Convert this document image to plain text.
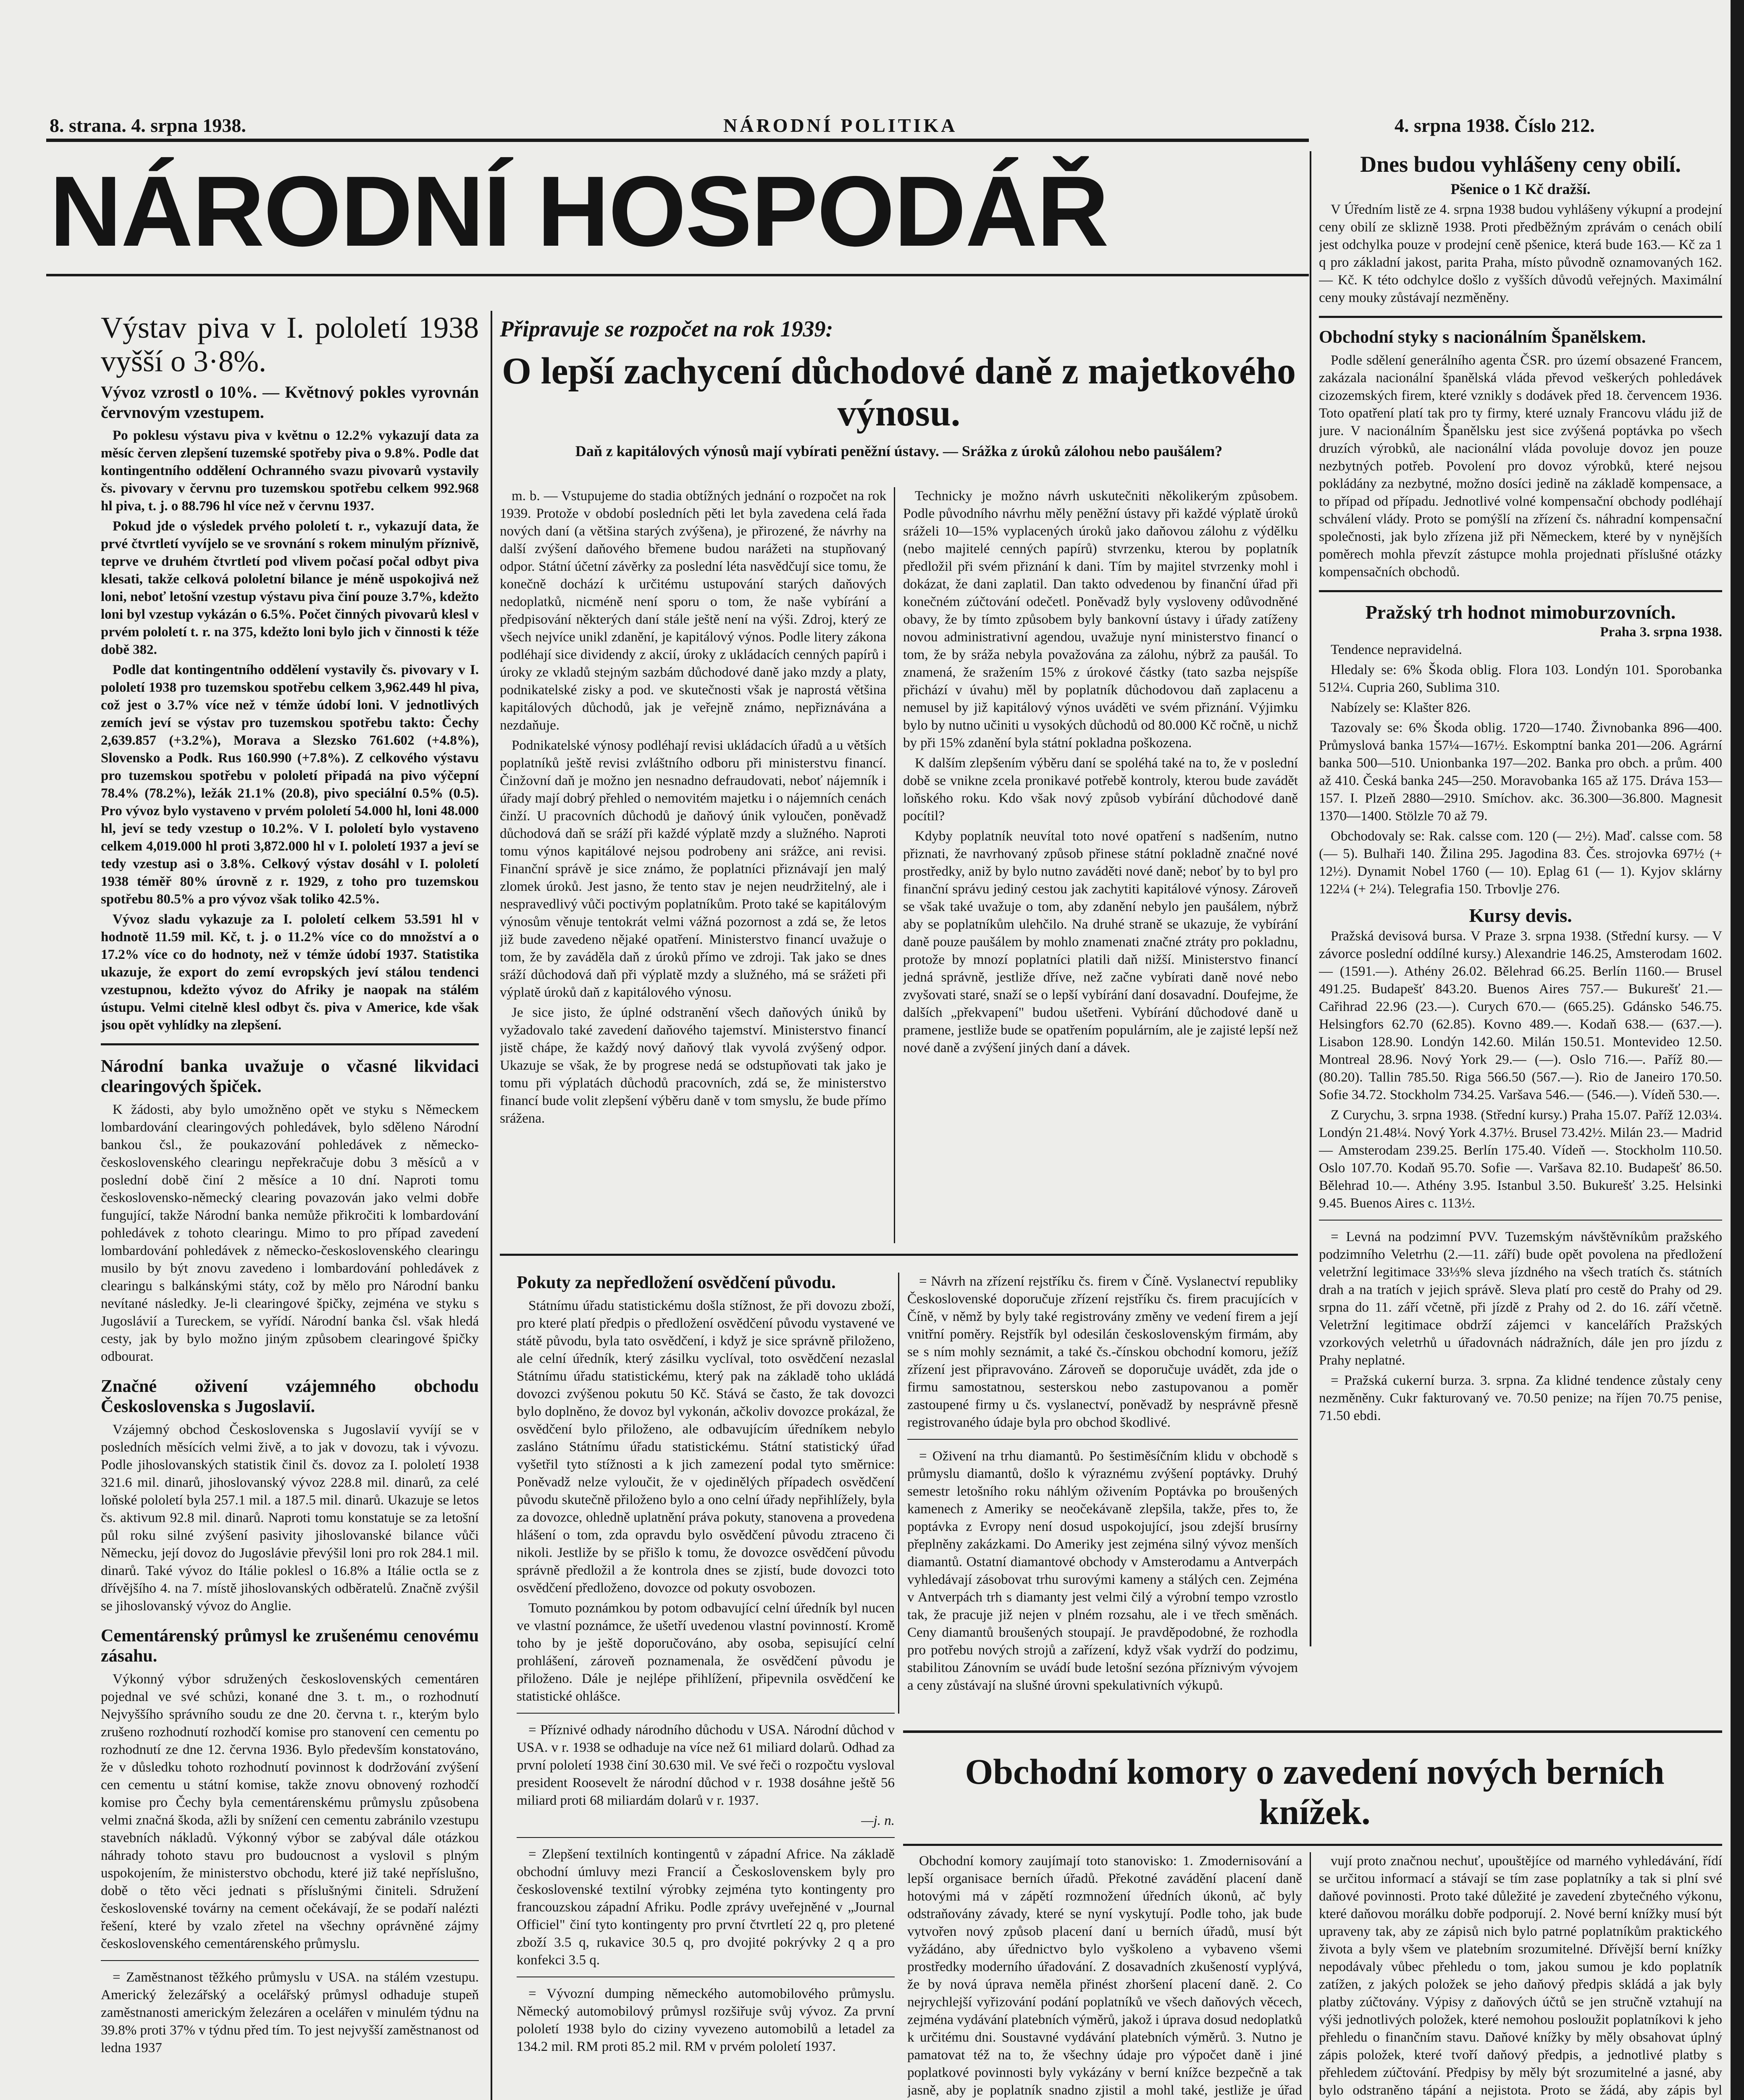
8. strana. 4. srpna 1938.	NÁRODNÍ POLITIKA	4. srpna 1938. Číslo 212.
NÁRODNÍ HOSPODÁŘ
Výstav piva v I. pololetí 1938 vyšší o 3·8%.
Vývoz vzrostl o 10%. — Květnový pokles vyrovnán červnovým vzestupem.

Po poklesu výstavu piva v květnu o 12.2% vykazují data za měsíc červen zlepšení tuzemské spotřeby piva o 9.8%. Podle dat kontingentního oddělení Ochranného svazu pivovarů vystavily čs. pivovary v červnu pro tuzemskou spotřebu celkem 992.968 hl piva, t. j. o 88.796 hl více než v červnu 1937.

Pokud jde o výsledek prvého pololetí t. r., vykazují data, že prvé čtvrtletí vyvíjelo se ve srovnání s rokem minulým příznivě, teprve ve druhém čtvrtletí pod vlivem počasí počal odbyt piva klesati, takže celková pololetní bilance je méně uspokojivá než loni, neboť letošní vzestup výstavu piva činí pouze 3.7%, kdežto loni byl vzestup vykázán o 6.5%. Počet činných pivovarů klesl v prvém pololetí t. r. na 375, kdežto loni bylo jich v činnosti k téže době 382.

Podle dat kontingentního oddělení vystavily čs. pivovary v I. pololetí 1938 pro tuzemskou spotřebu celkem 3,962.449 hl piva, což jest o 3.7% více než v témže údobí loni. V jednotlivých zemích jeví se výstav pro tuzemskou spotřebu takto: Čechy 2,639.857 (+3.2%), Morava a Slezsko 761.602 (+4.8%), Slovensko a Podk. Rus 160.990 (+7.8%). Z celkového výstavu pro tuzemskou spotřebu v pololetí připadá na pivo výčepní 78.4% (78.2%), ležák 21.1% (20.8), pivo speciální 0.5% (0.5). Pro vývoz bylo vystaveno v prvém pololetí 54.000 hl, loni 48.000 hl, jeví se tedy vzestup o 10.2%. V I. pololetí bylo vystaveno celkem 4,019.000 hl proti 3,872.000 hl v I. pololetí 1937 a jeví se tedy vzestup asi o 3.8%. Celkový výstav dosáhl v I. pololetí 1938 téměř 80% úrovně z r. 1929, z toho pro tuzemskou spotřebu 80.5% a pro vývoz však toliko 42.5%.

Vývoz sladu vykazuje za I. pololetí celkem 53.591 hl v hodnotě 11.59 mil. Kč, t. j. o 11.2% více co do množství a o 17.2% více co do hodnoty, než v témže údobí 1937. Statistika ukazuje, že export do zemí evropských jeví stálou tendenci vzestupnou, kdežto vývoz do Afriky je naopak na stálém ústupu. Velmi citelně klesl odbyt čs. piva v Americe, kde však jsou opět vyhlídky na zlepšení.

Národní banka uvažuje o včasné likvidaci clearingových špiček.

K žádosti, aby bylo umožněno opět ve styku s Německem lombardování clearingových pohledávek, bylo sděleno Národní bankou čsl., že poukazování pohledávek z německo-československého clearingu nepřekračuje dobu 3 měsíců a v poslední době činí 2 měsíce a 10 dní. Naproti tomu československo-německý clearing povazován jako velmi dobře fungující, takže Národní banka nemůže přikročiti k lombardování pohledávek z tohoto clearingu. Mimo to pro případ zavedení lombardování pohledávek z německo-československého clearingu musilo by být znovu zavedeno i lombardování pohledávek z clearingu s balkánskými státy, což by mělo pro Národní banku nevítané následky. Je-li clearingové špičky, zejména ve styku s Jugoslávií a Tureckem, se vyřídí. Národní banka čsl. však hledá cesty, jak by bylo možno jiným způsobem clearingové špičky odbourat.

Značné oživení vzájemného obchodu Československa s Jugoslavií.

Vzájemný obchod Československa s Jugoslavií vyvíjí se v posledních měsících velmi živě, a to jak v dovozu, tak i vývozu. Podle jihoslovanských statistik činil čs. dovoz za I. pololetí 1938 321.6 mil. dinarů, jihoslovanský vývoz 228.8 mil. dinarů, za celé loňské pololetí byla 257.1 mil. a 187.5 mil. dinarů. Ukazuje se letos čs. aktivum 92.8 mil. dinarů. Naproti tomu konstatuje se za letošní půl roku silné zvýšení pasivity jihoslovanské bilance vůči Německu, její dovoz do Jugoslávie převýšil loni pro rok 284.1 mil. dinarů. Také vývoz do Itálie poklesl o 16.8% a Itálie octla se z dřívějšího 4. na 7. místě jihoslovanských odběratelů. Značně zvýšil se jihoslovanský vývoz do Anglie.

Cementárenský průmysl ke zrušenému cenovému zásahu.

Výkonný výbor sdružených československých cementáren pojednal ve své schůzi, konané dne 3. t. m., o rozhodnutí Nejvyššího správního soudu ze dne 20. června t. r., kterým bylo zrušeno rozhodnutí rozhodčí komise pro stanovení cen cementu po rozhodnutí ze dne 12. června 1936. Bylo především konstatováno, že v důsledku tohoto rozhodnutí povinnost k dodržování zvýšení cen cementu u státní komise, takže znovu obnovený rozhodčí komise pro Čechy byla cementárenskému průmyslu způsobena velmi značná škoda, ažli by snížení cen cementu zabránilo vzestupu stavebních nákladů. Výkonný výbor se zabýval dále otázkou náhrady tohoto stavu pro budoucnost a vyslovil s plným uspokojením, že ministerstvo obchodu, které již také nepříslušno, době o těto věci jednati s příslušnými činiteli. Sdružení československé továrny na cement očekávají, že se podaří nalézti řešení, které by vzalo zřetel na všechny oprávněné zájmy československého cementárenského průmyslu.

= Zaměstnanost těžkého průmyslu v USA. na stálém vzestupu. Americký železářský a ocelářský průmysl odhaduje stupeň zaměstnanosti americkým železáren a ocelářen v minulém týdnu na 39.8% proti 37% v týdnu před tím. To jest nejvyšší zaměstnanost od ledna 1937

Připravuje se rozpočet na rok 1939:
O lepší zachycení důchodové daně z majetkového výnosu.
Daň z kapitálových výnosů mají vybírati peněžní ústavy. — Srážka z úroků zálohou nebo paušálem?

m. b. — Vstupujeme do stadia obtížných jednání o rozpočet na rok 1939. Protože v období posledních pěti let byla zavedena celá řada nových daní (a většina starých zvýšena), je přirozené, že návrhy na další zvýšení daňového břemene budou narážeti na stupňovaný odpor. Státní účetní závěrky za poslední léta nasvědčují sice tomu, že konečně dochází k určitému ustupování starých daňových nedoplatků, nicméně není sporu o tom, že naše vybírání a předpisování některých daní stále ještě není na výši. Zdroj, který ze všech nejvíce unikl zdanění, je kapitálový výnos. Podle litery zákona podléhají sice dividendy z akcií, úroky z ukládacích cenných papírů i úroky ze vkladů stejným sazbám důchodové daně jako mzdy a platy, podnikatelské zisky a pod. ve skutečnosti však je naprostá většina kapitálových důchodů, jak je veřejně známo, nepřiznávána a nezdaňuje.

Podnikatelské výnosy podléhají revisi ukládacích úřadů a u větších poplatníků ještě revisi zvláštního odboru při ministerstvu financí. Činžovní daň je možno jen nesnadno defraudovati, neboť nájemník i úřady mají dobrý přehled o nemovitém majetku i o nájemních cenách činží. U pracovních důchodů je daňový únik vyloučen, poněvadž důchodová daň se sráží při každé výplatě mzdy a služného. Naproti tomu výnos kapitálové nejsou podrobeny ani srážce, ani revisi. Finanční správě je sice známo, že poplatníci přiznávají jen malý zlomek úroků. Jest jasno, že tento stav je nejen neudržitelný, ale i nespravedlivý vůči poctivým poplatníkům. Proto také se kapitálovým výnosům věnuje tentokrát velmi vážná pozornost a zdá se, že letos již bude zavedeno nějaké opatření. Ministerstvo financí uvažuje o tom, že by zaváděla daň z úroků přímo ve zdroji. Tak jako se dnes sráží důchodová daň při výplatě mzdy a služného, má se srážeti při výplatě úroků daň z kapitálového výnosu.

Je sice jisto, že úplné odstranění všech daňových úniků by vyžadovalo také zavedení daňového tajemství. Ministerstvo financí jistě chápe, že každý nový daňový tlak vyvolá zvýšený odpor. Ukazuje se však, že by progrese nedá se odstupňovati tak jako je tomu při výplatách důchodů pracovních, zdá se, že ministerstvo financí bude volit zlepšení výběru daně v tom smyslu, že bude přímo srážena.

Technicky je možno návrh uskutečniti několikerým způsobem. Podle původního návrhu měly peněžní ústavy při každé výplatě úroků sráželi 10—15% vyplacených úroků jako daňovou zálohu z výdělku (nebo majitelé cenných papírů) stvrzenku, kterou by poplatník předložil při svém přiznání k dani. Tím by majitel stvrzenky mohl i dokázat, že dani zaplatil. Dan takto odvedenou by finanční úřad při konečném zúčtování odečetl. Poněvadž byly vysloveny odůvodněné obavy, že by tímto způsobem byly bankovní ústavy i úřady zatíženy novou administrativní agendou, uvažuje nyní ministerstvo financí o tom, že by sráža nebyla považována za zálohu, nýbrž za paušál. To znamená, že sražením 15% z úrokové částky (tato sazba nejspíše přichází v úvahu) měl by poplatník důchodovou daň zaplacenu a nemusel by již kapitálový výnos uváděti ve svém přiznání. Výjimku bylo by nutno učiniti u vysokých důchodů od 80.000 Kč ročně, u nichž by při 15% zdanění byla státní pokladna poškozena.

K dalším zlepšením výběru daní se spoléhá také na to, že v poslední době se vnikne zcela pronikavé potřebě kontroly, kterou bude zavádět loňského roku. Kdo však nový způsob vybírání důchodové daně pocítil?

Kdyby poplatník neuvítal toto nové opatření s nadšením, nutno přiznati, že navrhovaný způsob přinese státní pokladně značné nové prostředky, aniž by bylo nutno zaváděti nové daně; neboť by to byl pro finanční správu jediný cestou jak zachytiti kapitálové výnosy. Zároveň se však také uvažuje o tom, aby zdanění nebylo jen paušálem, nýbrž aby se poplatníkům ulehčilo. Na druhé straně se ukazuje, že vybírání daně pouze paušálem by mohlo znamenati značné ztráty pro pokladnu, protože by mnozí poplatníci platili daň nižší. Ministerstvo financí jedná správně, jestliže dříve, než začne vybírati daně nové nebo zvyšovati staré, snaží se o lepší vybírání daní dosavadní. Doufejme, že dalších „překvapení" budou ušetřeni. Vybírání důchodové daně u pramene, jestliže bude se opatřením populárním, ale je zajisté lepší než nové daně a zvýšení jiných daní a dávek.

Pokuty za nepředložení osvědčení původu.

Státnímu úřadu statistickému došla stížnost, že při dovozu zboží, pro které platí předpis o předložení osvědčení původu vystavené ve státě původu, byla tato osvědčení, i když je sice správně přiloženo, ale celní úředník, který zásilku vyclíval, toto osvědčení nezaslal Státnímu úřadu statistickému, který pak na základě toho ukládá dovozci zvýšenou pokutu 50 Kč. Stává se často, že tak dovozci bylo doplněno, že dovoz byl vykonán, ačkoliv dovozce prokázal, že osvědčení bylo přiloženo, ale odbavujícím úředníkem nebylo zasláno Státnímu úřadu statistickému. Státní statistický úřad vyšetřil tyto stížnosti a k jich zamezení podal tyto směrnice: Poněvadž nelze vyloučit, že v ojedinělých případech osvědčení původu skutečně přiloženo bylo a ono celní úřady nepřihlížely, byla za dovozce, ohledně uplatnění práva pokuty, stanovena a provedena hlášení o tom, zda opravdu bylo osvědčení původu ztraceno či nikoli. Jestliže by se přišlo k tomu, že dovozce osvědčení původu správně předložil a že kontrola dnes se zjistí, bude dovozci toto osvědčení předloženo, dovozce od pokuty osvobozen.

Tomuto poznámkou by potom odbavující celní úředník byl nucen ve vlastní poznámce, že ušetří uvedenou vlastní povinností. Kromě toho by je ještě doporučováno, aby osoba, sepisující celní prohlášení, zároveň poznamenala, že osvědčení původu je přiloženo. Dále je nejlépe přihlížení, připevnila osvědčení ke statistické ohlášce.

= Příznivé odhady národního důchodu v USA. Národní důchod v USA. v r. 1938 se odhaduje na více než 61 miliard dolarů. Odhad za první pololetí 1938 činí 30.630 mil. Ve své řeči o rozpočtu vysloval president Roosevelt že národní důchod v r. 1938 dosáhne ještě 56 miliard proti 68 miliardám dolarů v r. 1937.

—j. n.

= Zlepšení textilních kontingentů v západní Africe. Na základě obchodní úmluvy mezi Francií a Československem byly pro československé textilní výrobky zejména tyto kontingenty pro francouzskou západní Afriku. Podle zprávy uveřejněné v „Journal Officiel" činí tyto kontingenty pro první čtvrtletí 22 q, pro pletené zboží 3.5 q, rukavice 30.5 q, pro dvojité pokrývky 2 q a pro konfekci 3.5 q.

= Vývozní dumping německého automobilového průmyslu. Německý automobilový průmysl rozšiřuje svůj vývoz. Za první pololetí 1938 bylo do ciziny vyvezeno automobilů a letadel za 134.2 mil. RM proti 85.2 mil. RM v prvém pololetí 1937.

= Návrh na zřízení rejstříku čs. firem v Číně. Vyslanectví republiky Československé doporučuje zřízení rejstříku čs. firem pracujících v Číně, v němž by byly také registrovány změny ve vedení firem a její vnitřní poměry. Rejstřík byl odesilán československým firmám, aby se s ním mohly seznámit, a také čs.-čínskou obchodní komoru, ježíž zřízení jest připravováno. Zároveň se doporučuje uvádět, zda jde o firmu samostatnou, sesterskou nebo zastupovanou a poměr zastoupené firmy u čs. vyslanectví, poněvadž by nesprávně přesně registrovaného údaje byla pro obchod škodlivé.

= Oživení na trhu diamantů. Po šestiměsíčním klidu v obchodě s průmyslu diamantů, došlo k výraznému zvýšení poptávky. Druhý semestr letošního roku náhlým oživením Poptávka po broušených kamenech z Ameriky se neočekávaně zlepšila, takže, přes to, že poptávka z Evropy není dosud uspokojující, jsou zdejší brusírny přeplněny zakázkami. Do Ameriky jest zejména silný vývoz menších diamantů. Ostatní diamantové obchody v Amsterodamu a Antverpách vyhledávají zásobovat trhu surovými kameny a stálých cen. Zejména v Antverpách trh s diamanty jest velmi čilý a výrobní tempo vzrostlo tak, že pracuje již nejen v plném rozsahu, ale i ve třech směnách. Ceny diamantů broušených stoupají. Je pravděpodobné, že rozhodla pro potřebu nových strojů a zařízení, když však vydrží do podzimu, stabilitou Zánovním se uvádí bude letošní sezóna příznivým vývojem a ceny zůstávají na slušné úrovni spekulativních výkupů.

Obchodní komory o zavedení nových berních knížek.

Obchodní komory zaujímají toto stanovisko: 1. Zmodernisování a lepší organisace berních úřadů. Překotné zavádění placení daně hotovými má v zápětí rozmnožení úředních úkonů, ač byly odstraňovány závady, které se nyní vyskytují. Podle toho, jak bude vytvořen nový způsob placení daní u berních úřadů, musí být vyžádáno, aby úřednictvo bylo vyškoleno a vybaveno všemi prostředky moderního úřadování. Z dosavadních zkušeností vyplývá, že by nová úprava neměla přinést zhoršení placení daně. 2. Co nejrychlejší vyřizování podání poplatníků ve všech daňových věcech, zejména vydávání platebních výměrů, jakož i úprava dosud nedoplatků k určitému dni. Soustavné vydávání platebních výměrů. 3. Nutno je pamatovat též na to, že všechny údaje pro výpočet daně i jiné poplatkové povinnosti byly vykázány v berní knížce bezpečně a tak jasně, aby je poplatník snadno zjistil a mohl také, jestliže je úřad

vují proto značnou nechuť, upouštějíce od marného vyhledávání, řídí se určitou informací a stávají se tím zase poplatníky a tak si plní své daňové povinnosti. Proto také důležité je zavedení zbytečného výkonu, které daňovou morálku dobře podporují. 2. Nové berní knížky musí být upraveny tak, aby ze zápisů nich bylo patrné poplatníkům praktického života a byly všem ve platebním srozumitelné. Dřívější berní knížky nepodávaly vůbec přehledu o tom, jakou sumou je kdo poplatník zatížen, z jakých položek se jeho daňový předpis skládá a jak byly platby zúčtovány. Výpisy z daňových účtů se jen stručně vztahují na výši jednotlivých položek, které nemohou posloužit poplatníkovi k jeho přehledu o finančním stavu. Daňové knížky by měly obsahovat úplný zápis položek, které tvoří daňový předpis, a jednotlivé platby s přehledem zúčtování. Předpisy by měly být srozumitelné a jasné, aby bylo odstraněno tápání a nejistota. Proto se žádá, aby zápis byl

Dnes budou vyhlášeny ceny obilí.
Pšenice o 1 Kč dražší.

V Úředním listě ze 4. srpna 1938 budou vyhlášeny výkupní a prodejní ceny obilí ze sklizně 1938. Proti předběžným zprávám o cenách obilí jest odchylka pouze v prodejní ceně pšenice, která bude 163.— Kč za 1 q pro základní jakost, parita Praha, místo původně oznamovaných 162.— Kč. K této odchylce došlo z vyšších důvodů veřejných. Maximální ceny mouky zůstávají nezměněny.

Obchodní styky s nacionálním Španělskem.

Podle sdělení generálního agenta ČSR. pro území obsazené Francem, zakázala nacionální španělská vláda převod veškerých pohledávek cizozemských firem, které vznikly s dodávek před 18. červencem 1936. Toto opatření platí tak pro ty firmy, které uznaly Francovu vládu již de jure. V nacionálním Španělsku jest sice zvýšená poptávka po všech druzích výrobků, ale nacionální vláda povoluje dovoz jen pouze nezbytných potřeb. Povolení pro dovoz výrobků, které nejsou pokládány za nezbytné, možno dosíci jedině na základě kompensace, a to případ od případu. Jednotlivé volné kompensační obchody podléhají schválení vlády. Proto se pomýšlí na zřízení čs. náhradní kompensační společnosti, jak bylo zřízena již při Německem, které by v nynějších poměrech mohla převzít zástupce mohla projednati příslušné otázky kompensačních obchodů.

Pražský trh hodnot mimoburzovních.
Praha 3. srpna 1938.

Tendence nepravidelná.

Hledaly se: 6% Škoda oblig. Flora 103. Londýn 101. Sporobanka 512¼. Cupria 260, Sublima 310.

Nabízely se: Klašter 826.

Tazovaly se: 6% Škoda oblig. 1720—1740. Živnobanka 896—400. Průmyslová banka 157¼—167½. Eskomptní banka 201—206. Agrární banka 500—510. Unionbanka 197—202. Banka pro obch. a prům. 400 až 410. Česká banka 245—250. Moravobanka 165 až 175. Dráva 153—157. I. Plzeň 2880—2910. Smíchov. akc. 36.300—36.800. Magnesit 1370—1400. Stölzle 70 až 79.

Obchodovaly se: Rak. calsse com. 120 (— 2½). Maď. calsse com. 58 (— 5). Bulhaři 140. Žilina 295. Jagodina 83. Čes. strojovka 697½ (+ 12½). Dynamit Nobel 1760 (— 10). Eplag 61 (— 1). Kyjov sklárny 122¼ (+ 2¼). Telegrafia 150. Trbovlje 276.

Kursy devis.

Pražská devisová bursa. V Praze 3. srpna 1938. (Střední kursy. — V závorce poslední oddílné kursy.) Alexandrie 146.25, Amsterodam 1602.— (1591.—). Athény 26.02. Bělehrad 66.25. Berlín 1160.— Brusel 491.25. Budapešť 843.20. Buenos Aires 757.— Bukurešť 21.— Cařihrad 22.96 (23.—). Curych 670.— (665.25). Gdánsko 546.75. Helsingfors 62.70 (62.85). Kovno 489.—. Kodaň 638.— (637.—). Lisabon 128.90. Londýn 142.60. Milán 150.51. Montevideo 12.50. Montreal 28.96. Nový York 29.— (—). Oslo 716.—. Paříž 80.— (80.20). Tallin 785.50. Riga 566.50 (567.—). Rio de Janeiro 170.50. Sofie 34.72. Stockholm 734.25. Varšava 546.— (546.—). Vídeň 530.—.

Z Curychu, 3. srpna 1938. (Střední kursy.) Praha 15.07. Paříž 12.03¼. Londýn 21.48¼. Nový York 4.37½. Brusel 73.42½. Milán 23.— Madrid — Amsterodam 239.25. Berlín 175.40. Vídeň —. Stockholm 110.50. Oslo 107.70. Kodaň 95.70. Sofie —. Varšava 82.10. Budapešť 86.50. Bělehrad 10.—. Athény 3.95. Istanbul 3.50. Bukurešť 3.25. Helsinki 9.45. Buenos Aires c. 113½.

= Levná na podzimní PVV. Tuzemským návštěvníkům pražského podzimního Veletrhu (2.—11. září) bude opět povolena na předložení veletržní legitimace 33⅓% sleva jízdného na všech tratích čs. státních drah a na tratích v jejich správě. Sleva platí pro cestě do Prahy od 29. srpna do 11. září včetně, při jízdě z Prahy od 2. do 16. září včetně. Veletržní legitimace obdrží zájemci v kancelářích Pražských vzorkových veletrhů u úřadovnách nádražních, dále jen pro jízdu z Prahy neplatné.

= Pražská cukerní burza. 3. srpna. Za klidné tendence zůstaly ceny nezměněny. Cukr fakturovaný ve. 70.50 penize; na říjen 70.75 penise, 71.50 ebdi.
